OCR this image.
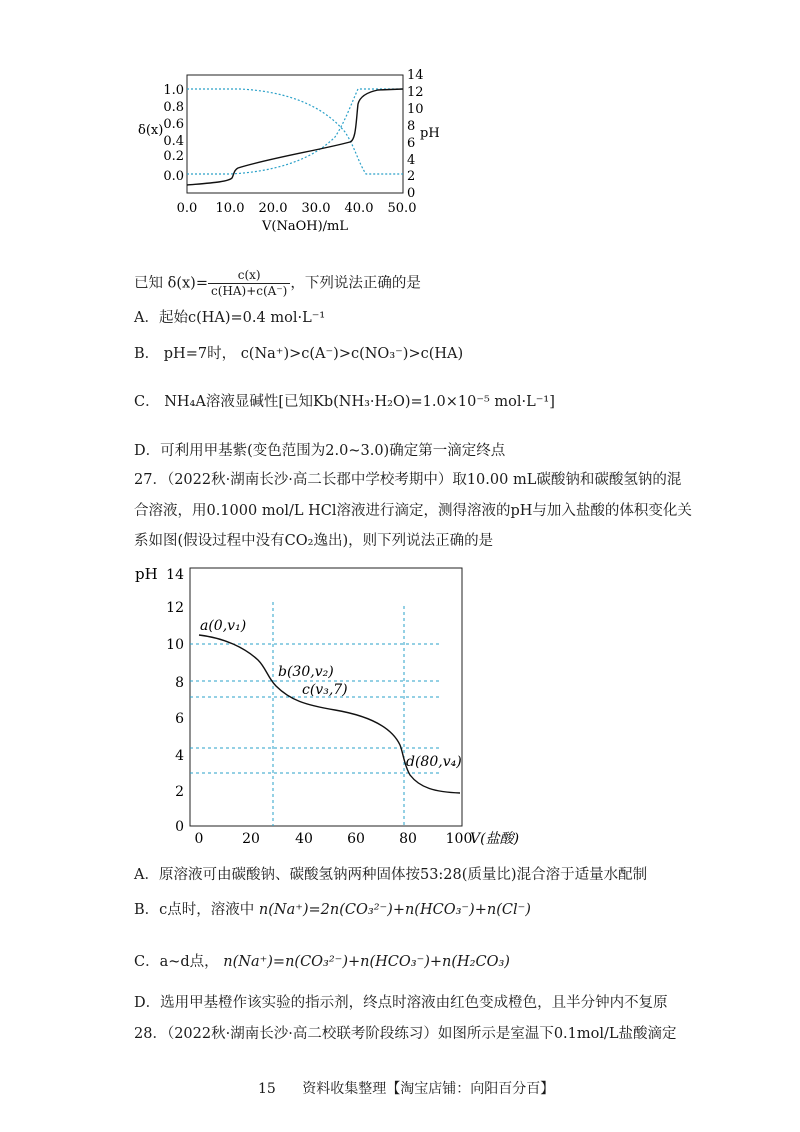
1.0
0.8
0.6
0.4
0.2
0.0
δ(x)
14
12
10
8
6
4
2
0
pH
0.0 10.0 20.0 30.0 40.0 50.0
V(NaOH)/mL
已知 $\delta(x)= \frac{c(x)}{c(HA)+c(A^-)}$ ，下列说法正确的是
A．起始c(HA)=0.4 mol·L⁻¹
B． pH=7时， c(Na⁺)>c(A⁻)>c(NO₃⁻)>c(HA)
C． NH₄A溶液显碱性[已知Kb(NH₃·H₂O)=1.0×10⁻⁵ mol·L⁻¹]
D．可利用甲基紫(变色范围为2.0~3.0)确定第一滴定终点
27．（2022秋·湖南长沙·高二长郡中学校考期中）取10.00 mL碳酸钠和碳酸氢钠的混
合溶液，用0.1000 mol/L HCl溶液进行滴定，测得溶液的pH与加入盐酸的体积变化关
系如图(假设过程中没有CO₂逸出)，则下列说法正确的是
pH 14
12
10
8
6
4
2
0
0	20	40 60 80 100
V(盐酸)
a(0,v₁)
b(30,v₂)
c(v₃,7)
d(80,v₄)
A．原溶液可由碳酸钠、碳酸氢钠两种固体按53:28(质量比)混合溶于适量水配制
B．c点时，溶液中 n(Na⁺)=2n(CO₃²⁻)+n(HCO₃⁻)+n(Cl⁻)
C．a~d点， n(Na⁺)=n(CO₃²⁻)+n(HCO₃⁻)+n(H₂CO₃)
D．选用甲基橙作该实验的指示剂，终点时溶液由红色变成橙色，且半分钟内不复原
28．（2022秋·湖南长沙·高二校联考阶段练习）如图所示是室温下0.1mol/L盐酸滴定
15 资料收集整理【淘宝店铺：向阳百分百】
